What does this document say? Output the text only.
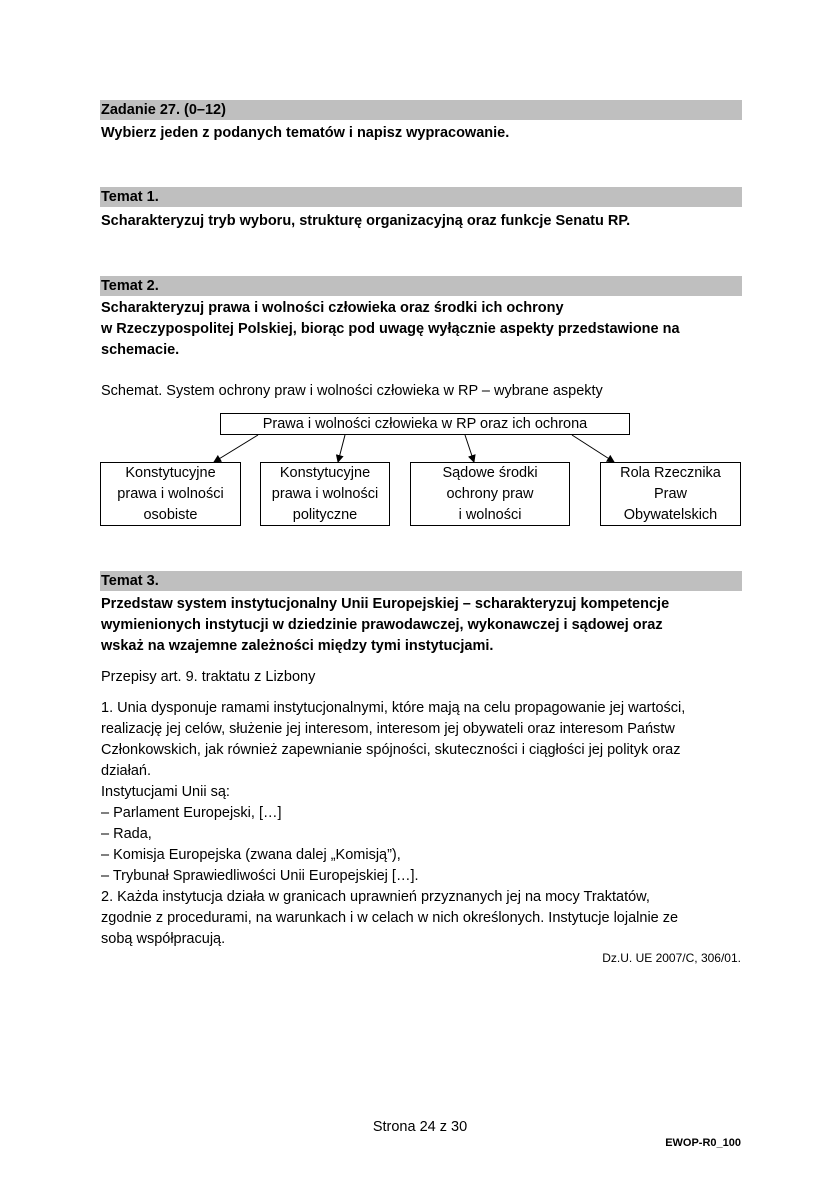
Zadanie 27. (0–12)
Wybierz jeden z podanych tematów i napisz wypracowanie.
Temat 1.
Scharakteryzuj tryb wyboru, strukturę organizacyjną oraz funkcje Senatu RP.
Temat 2.
Scharakteryzuj prawa i wolności człowieka oraz środki ich ochrony
w Rzeczypospolitej Polskiej, biorąc pod uwagę wyłącznie aspekty przedstawione na
schemacie.
Schemat. System ochrony praw i wolności człowieka w RP – wybrane aspekty
Prawa i wolności człowieka w RP oraz ich ochrona
Konstytucyjne
prawa i wolności
osobiste
Konstytucyjne
prawa i wolności
polityczne
Sądowe środki
ochrony praw
i wolności
Rola Rzecznika
Praw
Obywatelskich
Temat 3.
Przedstaw system instytucjonalny Unii Europejskiej – scharakteryzuj kompetencje
wymienionych instytucji w dziedzinie prawodawczej, wykonawczej i sądowej oraz
wskaż na wzajemne zależności między tymi instytucjami.
Przepisy art. 9. traktatu z Lizbony
1. Unia dysponuje ramami instytucjonalnymi, które mają na celu propagowanie jej wartości,
realizację jej celów, służenie jej interesom, interesom jej obywateli oraz interesom Państw
Członkowskich, jak również zapewnianie spójności, skuteczności i ciągłości jej polityk oraz
działań.
Instytucjami Unii są:
– Parlament Europejski, […]
– Rada,
– Komisja Europejska (zwana dalej „Komisją”),
– Trybunał Sprawiedliwości Unii Europejskiej […].
2. Każda instytucja działa w granicach uprawnień przyznanych jej na mocy Traktatów,
zgodnie z procedurami, na warunkach i w celach w nich określonych. Instytucje lojalnie ze
sobą współpracują.
Dz.U. UE 2007/C, 306/01.
Strona 24 z 30
EWOP-R0_100
